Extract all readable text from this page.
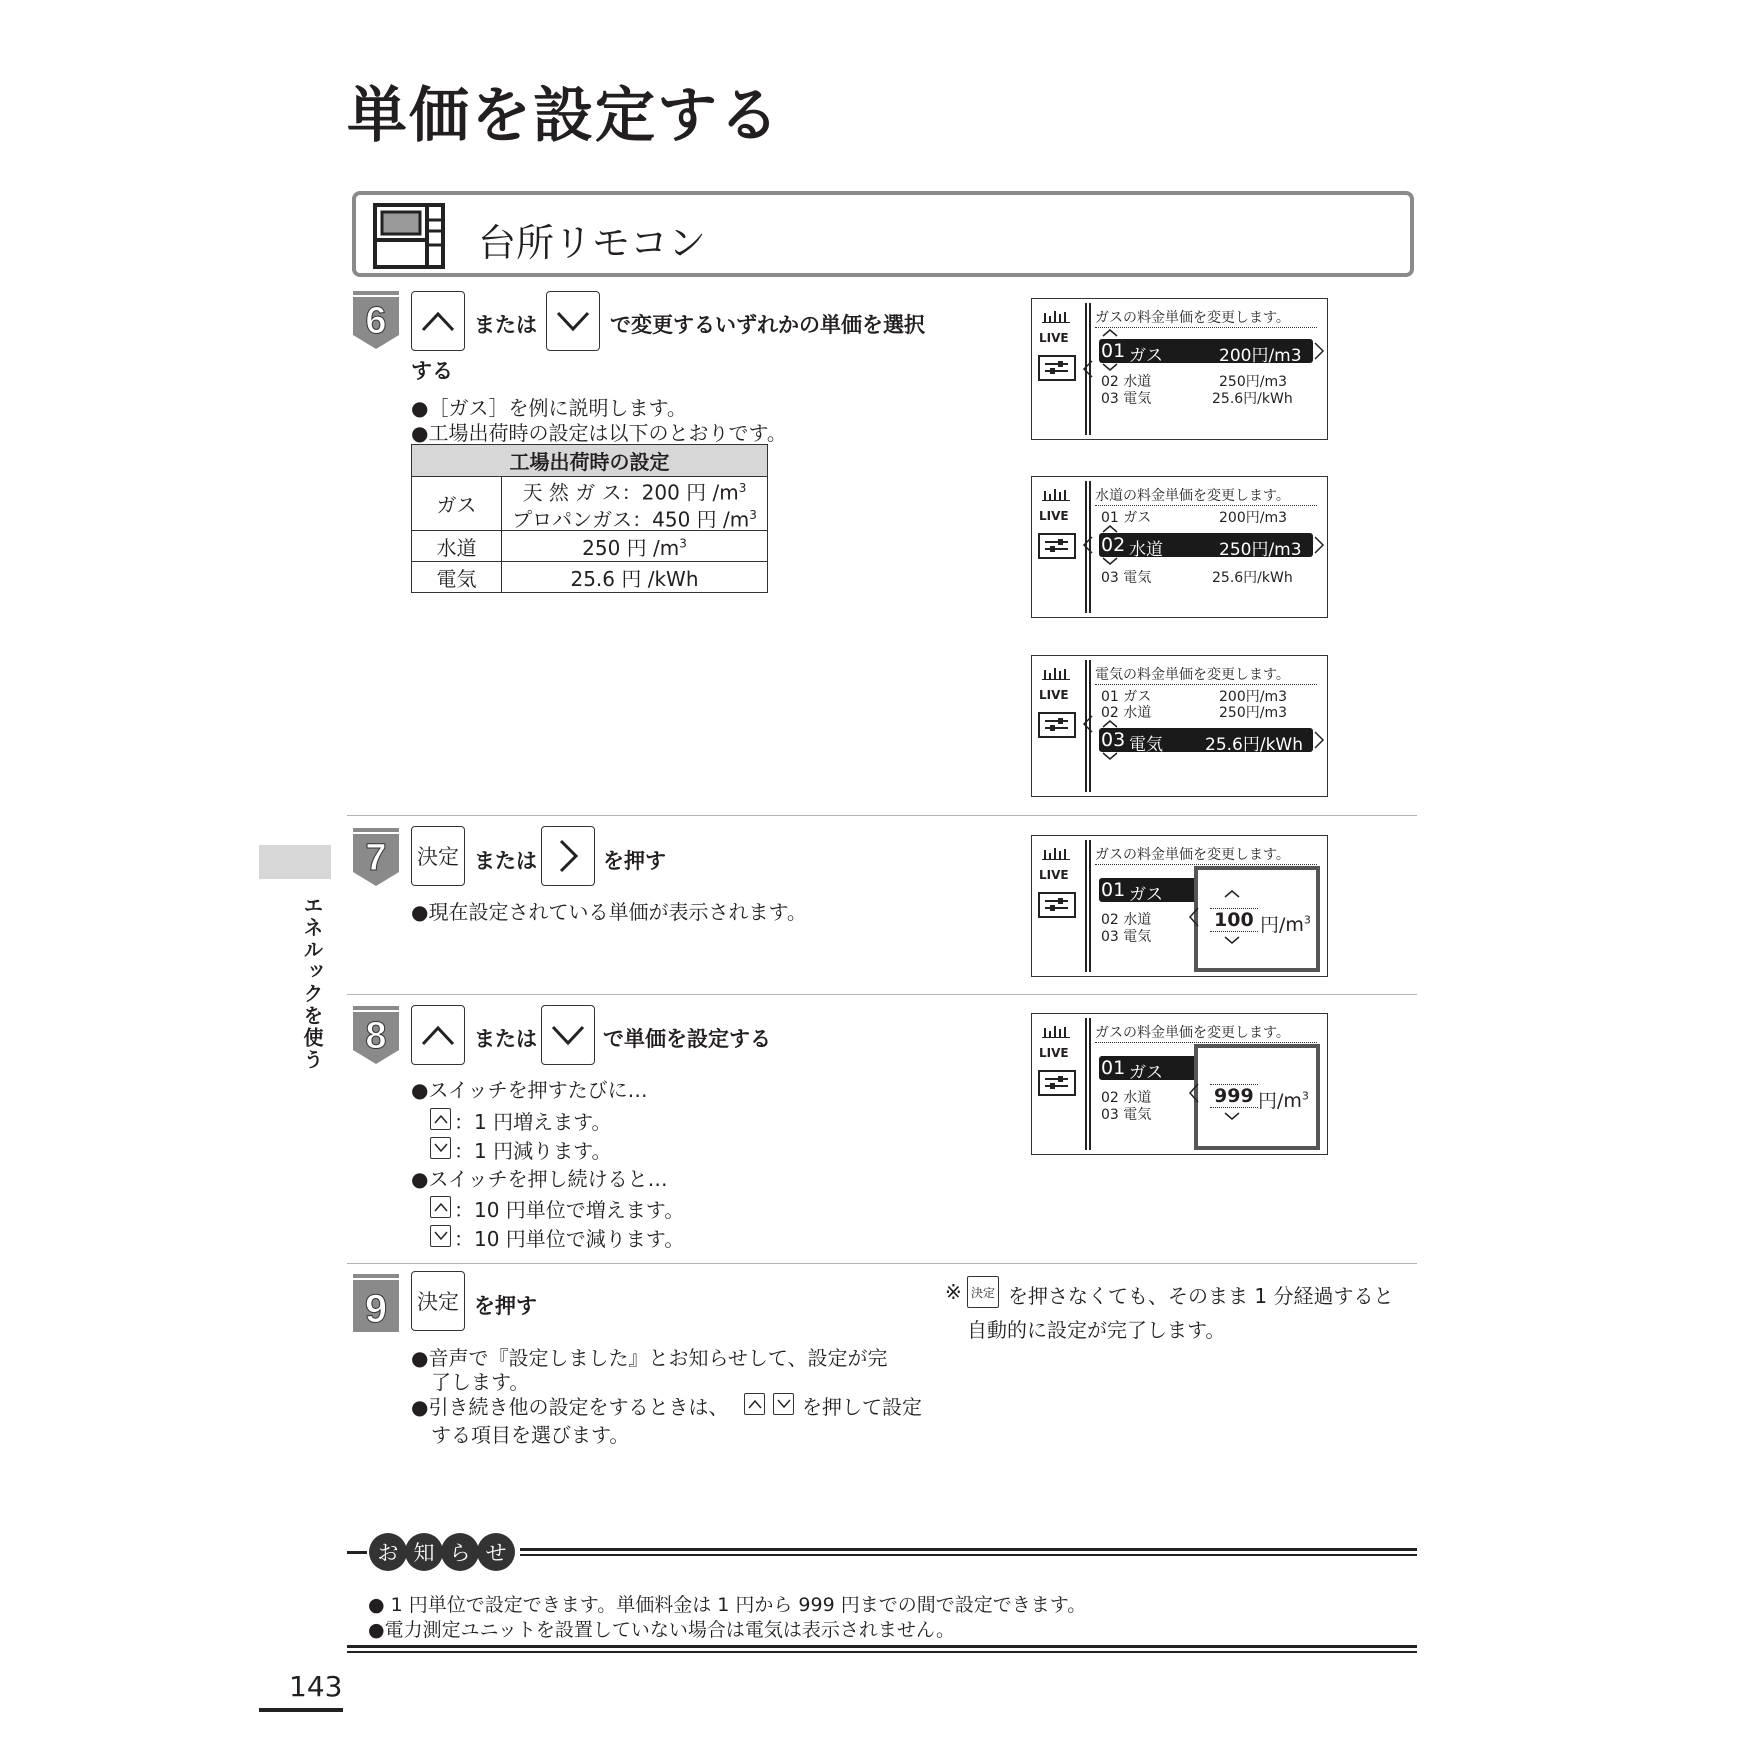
単価を設定する
台所リモコン
エネルックを使う
6	または	で変更するいずれかの単価を選択
する
●［ガス］を例に説明します。
●工場出荷時の設定は以下のとおりです。
工場出荷時の設定	
ガス	天 然 ガ ス：200 円 $/m^3$
プロパンガス：450 円 $/m^3$
水道	250 円 $/m^3$
電気	25.6 円 /kWh
LIVE
ガスの料金単価を変更します。
01 ガス	200円/m3
02 水道	250円/m3
03 電気	25.6円/kWh
LIVE
水道の料金単価を変更します。
01 ガス	200円/m3
02 水道	250円/m3
03 電気	25.6円/kWh
LIVE
電気の料金単価を変更します。
01 ガス	200円/m3
02 水道	250円/m3
03 電気 25.6円/kWh
7 決定 または	を押す
●現在設定されている単価が表示されます。
LIVE
ガスの料金単価を変更します。
01 ガス
02 水道
03 電気
100 円$/m^3$
8	または	で単価を設定する
●スイッチを押すたびに…
：1 円増えます。
：1 円減ります。
●スイッチを押し続けると…
：10 円単位で増えます。
：10 円単位で減ります。
LIVE
ガスの料金単価を変更します。
01 ガス
02 水道
03 電気
999 円$/m^3$
9 決定 を押す
●音声で『設定しました』とお知らせして、設定が完
了します。
●引き続き他の設定をするときは、	を押して設定
する項目を選びます。
※ 決定 を押さなくても、そのまま 1 分経過すると
自動的に設定が完了します。
お 知 ら せ
● 1 円単位で設定できます。単価料金は 1 円から 999 円までの間で設定できます。
●電力測定ユニットを設置していない場合は電気は表示されません。
143
